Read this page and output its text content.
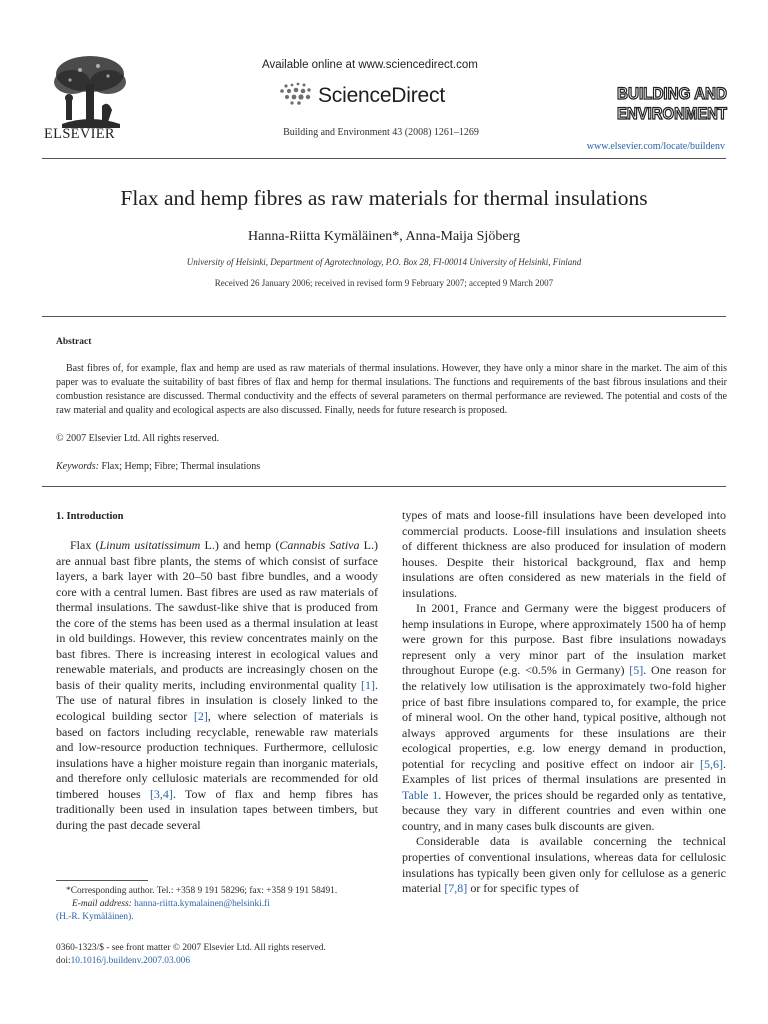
ELSEVIER
Available online at www.sciencedirect.com
ScienceDirect
Building and Environment 43 (2008) 1261–1269
BUILDING AND
ENVIRONMENT
www.elsevier.com/locate/buildenv
Flax and hemp fibres as raw materials for thermal insulations
Hanna-Riitta Kymäläinen*, Anna-Maija Sjöberg
University of Helsinki, Department of Agrotechnology, P.O. Box 28, FI-00014 University of Helsinki, Finland
Received 26 January 2006; received in revised form 9 February 2007; accepted 9 March 2007
Abstract

Bast fibres of, for example, flax and hemp are used as raw materials of thermal insulations. However, they have only a minor share in the market. The aim of this paper was to evaluate the suitability of bast fibres of flax and hemp for thermal insulations. The functions and requirements of the bast fibrous insulations and their combustion resistance are discussed. Thermal conductivity and the effects of several parameters on thermal performance are reviewed. The potential and costs of the raw material and quality and ecological aspects are also discussed. Finally, needs for future research is proposed.

© 2007 Elsevier Ltd. All rights reserved.
Keywords: Flax; Hemp; Fibre; Thermal insulations
1. Introduction

Flax (Linum usitatissimum L.) and hemp (Cannabis Sativa L.) are annual bast fibre plants, the stems of which consist of surface layers, a bark layer with 20–50 bast fibre bundles, and a woody core with a central lumen. Bast fibres are used as raw materials of thermal insulations. The sawdust-like shive that is produced from the core of the stems has been used as a thermal insulation at least in old buildings. However, this review concentrates mainly on the bast fibres. There is increasing interest in ecological values and renewable materials, and products are increasingly chosen on the basis of their quality merits, including environmental quality [1]. The use of natural fibres in insulation is closely linked to the ecological building sector [2], where selection of materials is based on factors including recyclable, renewable raw materials and low-resource production techniques. Furthermore, cellulosic insulations have a higher moisture regain than inorganic materials, and therefore only cellulosic materials are recommended for old timbered houses [3,4]. Tow of flax and hemp fibres has traditionally been used in insulation tapes between timbers, but during the past decade several

types of mats and loose-fill insulations have been developed into commercial products. Loose-fill insulations and insulation sheets of different thickness are also produced for insulation of modern houses. Despite their historical background, flax and hemp insulations are often considered as new materials in the field of insulations.

In 2001, France and Germany were the biggest producers of hemp insulations in Europe, where approximately 1500 ha of hemp were grown for this purpose. Bast fibre insulations nowadays represent only a very minor part of the insulation market throughout Europe (e.g. <0.5% in Germany) [5]. One reason for the relatively low utilisation is the approximately two-fold higher price of bast fibre insulations compared to, for example, the price of mineral wool. On the other hand, typical positive, although not always approved arguments for these insulations are their ecological properties, e.g. low energy demand in production, potential for recycling and positive effect on indoor air [5,6]. Examples of list prices of thermal insulations are presented in Table 1. However, the prices should be regarded only as tentative, because they vary in different countries and even within one country, and in many cases bulk discounts are given.

Considerable data is available concerning the technical properties of conventional insulations, whereas data for cellulosic insulations has typically been given only for cellulose as a generic material [7,8] or for specific types of

*Corresponding author. Tel.: +358 9 191 58296; fax: +358 9 191 58491.
E-mail address: hanna-riitta.kymalainen@helsinki.fi
(H.-R. Kymäläinen).
0360-1323/$ - see front matter © 2007 Elsevier Ltd. All rights reserved.
doi:10.1016/j.buildenv.2007.03.006
